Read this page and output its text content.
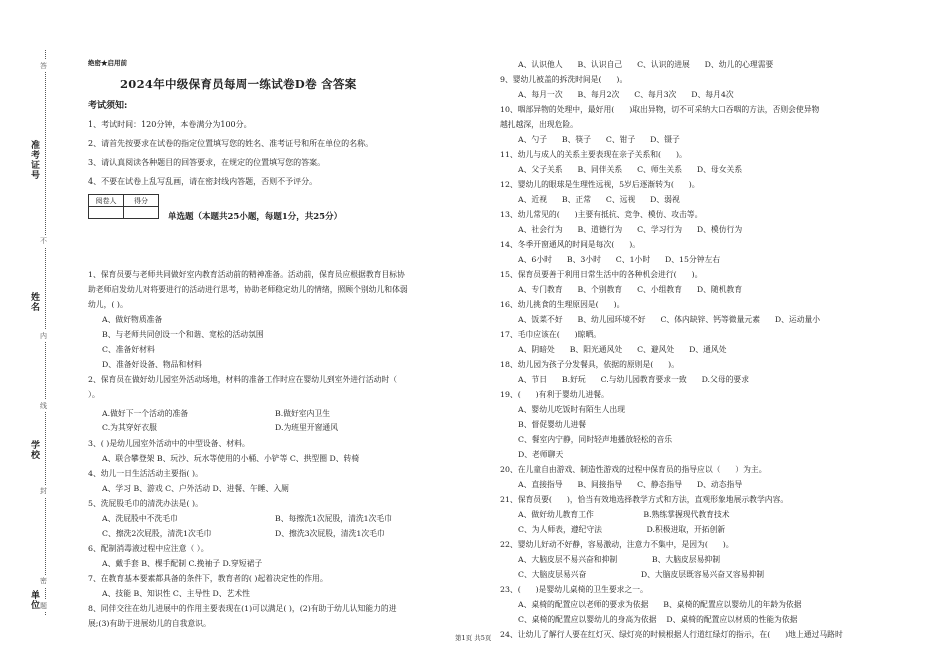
准考证号
姓名
学校
单位
答
不
内
线
封
密
题
绝密★启用前
2024年中级保育员每周一练试卷D卷 含答案
考试须知:
1、考试时间：120分钟，本卷满分为100分。
2、请首先按要求在试卷的指定位置填写您的姓名、准考证号和所在单位的名称。
3、请认真阅读各种题目的回答要求，在规定的位置填写您的答案。
4、不要在试卷上乱写乱画，请在密封线内答题，否则不予评分。
阅卷人	得分

单选题（本题共25小题，每题1分，共25分）
1、保育员要与老师共同做好室内教育活动前的精神准备。活动前，保育员应根据教育目标协
助老师启发幼儿对将要进行的活动进行思考，协助老师稳定幼儿的情绪，照顾个别幼儿和体弱
幼儿，( )。
A、做好物质准备
B、与老师共同创设一个和谐、宽松的活动氛围
C、准备好材料
D、准备好设备、物品和材料
2、保育员在做好幼儿园室外活动场地，材料的准备工作时应在婴幼儿到室外进行活动时（
）。
A.做好下一个活动的准备	B.做好室内卫生
C.为其穿好衣服	D.为班里开窗通风
3、( )是幼儿园室外活动中的中型设备、材料。
A、联合攀登架 B、玩沙、玩水等使用的小桶、小铲等 C、拱型圈 D、转椅
4、幼儿一日生活活动主要指( )。
A、学习 B、游戏 C、户外活动 D、进餐、午睡、入厕
5、洗屁股毛巾的清洗办法是( )。
A、洗屁股中不洗毛巾	B、每擦洗1次屁股，清洗1次毛巾
C、擦洗2次屁股，清洗1次毛巾	D、擦洗3次屁股，清洗1次毛巾
6、配制消毒液过程中应注意（ ）。
A、戴手套 B、棵手配制 C.挽袖子 D.穿短裙子
7、在教育基本要素都具备的条件下，教育者的( )起着决定性的作用。
A、技能 B、知识性 C、主导性 D、艺术性
8、同伴交往在幼儿进展中的作用主要表现在(1)可以满足( )，(2)有助于幼儿认知能力的进
展;(3)有助于进展幼儿的自我意识。
A、认识他人      B、认识自己      C、认识的进展      D、幼儿的心理需要
9、婴幼儿被盖的拆洗时间是(      )。
A、每月一次      B、每月2次      C、每月3次      D、每月4次
10、咽部异物的处理中，最好用(      )取出异物，切不可采纳大口吞咽的方法，否则会使异物
越扎越深，出现危险。
A、勺子      B、筷子      C、钳子      D、镊子
11、幼儿与成人的关系主要表现在亲子关系和(      )。
A、父子关系      B、同伴关系      C、师生关系      D、母女关系
12、婴幼儿的眼球是生理性远视，5岁后逐渐转为(      )。
A、近视      B、正常      C、远视      D、弱视
13、幼儿常见的(      )主要有抵抗、竞争、模仿、攻击等。
A、社会行为      B、道德行为      C、学习行为      D、模仿行为
14、冬季开窗通风的时间是每次(      )。
A、6小时      B、3小时      C、1小时      D、15分钟左右
15、保育员要善于利用日常生活中的各种机会进行(      )。
A、专门教育      B、个别教育      C、小组教育      D、随机教育
16、幼儿挑食的生理原因是(      )。
A、饭菜不好      B、幼儿园环境不好      C、体内缺锌、钙等微量元素      D、运动量小
17、毛巾应该在(      )晾晒。
A、阴暗处      B、阳光通风处      C、避风处      D、通风处
18、幼儿园为孩子分发餐具，依据的原则是(      )。
A、节日      B.好玩      C.与幼儿园教育要求一致      D.父母的要求
19、(      )有利于婴幼儿进餐。
A、婴幼儿吃饭时有陌生人出现
B、督促婴幼儿进餐
C、餐室内宁静，同时轻声地播放轻松的音乐
D、老师聊天
20、在儿童自由游戏、制造性游戏的过程中保育员的指导应以（      ）为主。
A、直接指导      B、间接指导      C、静态指导      D、动态指导
21、保育员要(      )，恰当有效地选择教学方式和方法，直观形象地展示教学内容。
A、做好幼儿教育工作                    B.熟练掌握现代教育技术
C、为人师表，遵纪守法                  D.积极进取，开拓创新
22、婴幼儿好动不好静，容易激动，注意力不集中，是因为(      )。
A、大脑皮层不易兴奋和抑制              B、大脑皮层易抑制
C、大脑皮层易兴奋                      D、大脑皮层既容易兴奋又容易抑制
23、(      )是婴幼儿桌椅的卫生要求之一。
A、桌椅的配置应以老师的要求为依据      B、桌椅的配置应以婴幼儿的年龄为依据
C、桌椅的配置应以婴幼儿的身高为依据    D、桌椅的配置应以材质的性能为依据
24、让幼儿了解行人要在红灯灭、绿灯亮的时候根据人行道红绿灯的指示，在(      )地上通过马路时
第1页 共5页
